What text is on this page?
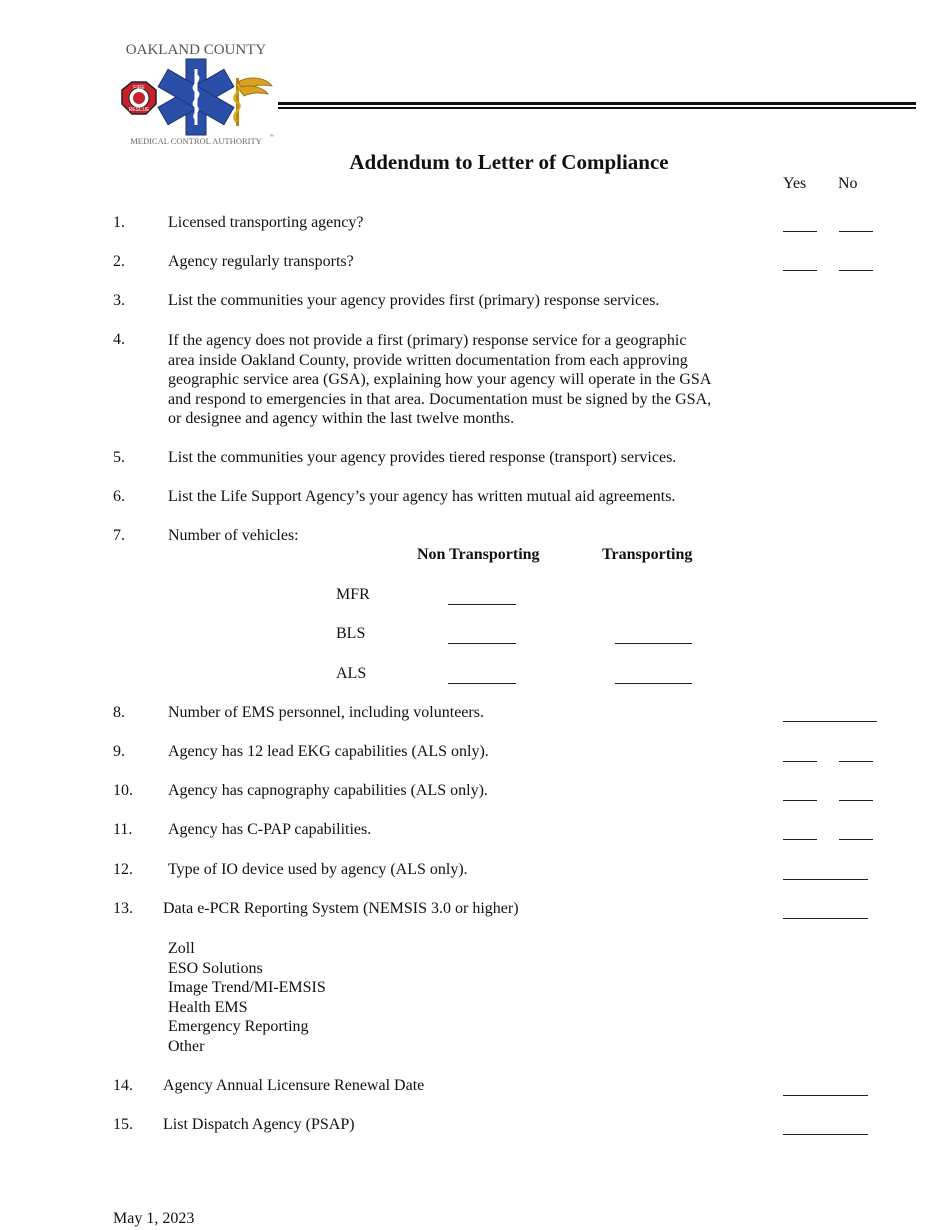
OAKLAND COUNTY
FIRE
RESCUE
MEDICAL CONTROL AUTHORITY ™
Addendum to Letter of Compliance
Yes No
1.	Licensed transporting agency?
2.	Agency regularly transports?
3.	List the communities your agency provides first (primary) response services.
4.	If the agency does not provide a first (primary) response service for a geographic
area inside Oakland County, provide written documentation from each approving
geographic service area (GSA), explaining how your agency will operate in the GSA
and respond to emergencies in that area. Documentation must be signed by the GSA,
or designee and agency within the last twelve months.
5.	List the communities your agency provides tiered response (transport) services.
6.	List the Life Support Agency’s your agency has written mutual aid agreements.
7.	Number of vehicles:
Non Transporting	Transporting
MFR
BLS
ALS
8.	Number of EMS personnel, including volunteers.
9.	Agency has 12 lead EKG capabilities (ALS only).
10. Agency has capnography capabilities (ALS only).
11. Agency has C-PAP capabilities.
12. Type of IO device used by agency (ALS only).
13. Data e-PCR Reporting System (NEMSIS 3.0 or higher)
Zoll
ESO Solutions
Image Trend/MI-EMSIS
Health EMS
Emergency Reporting
Other
14. Agency Annual Licensure Renewal Date
15. List Dispatch Agency (PSAP)
May 1, 2023
